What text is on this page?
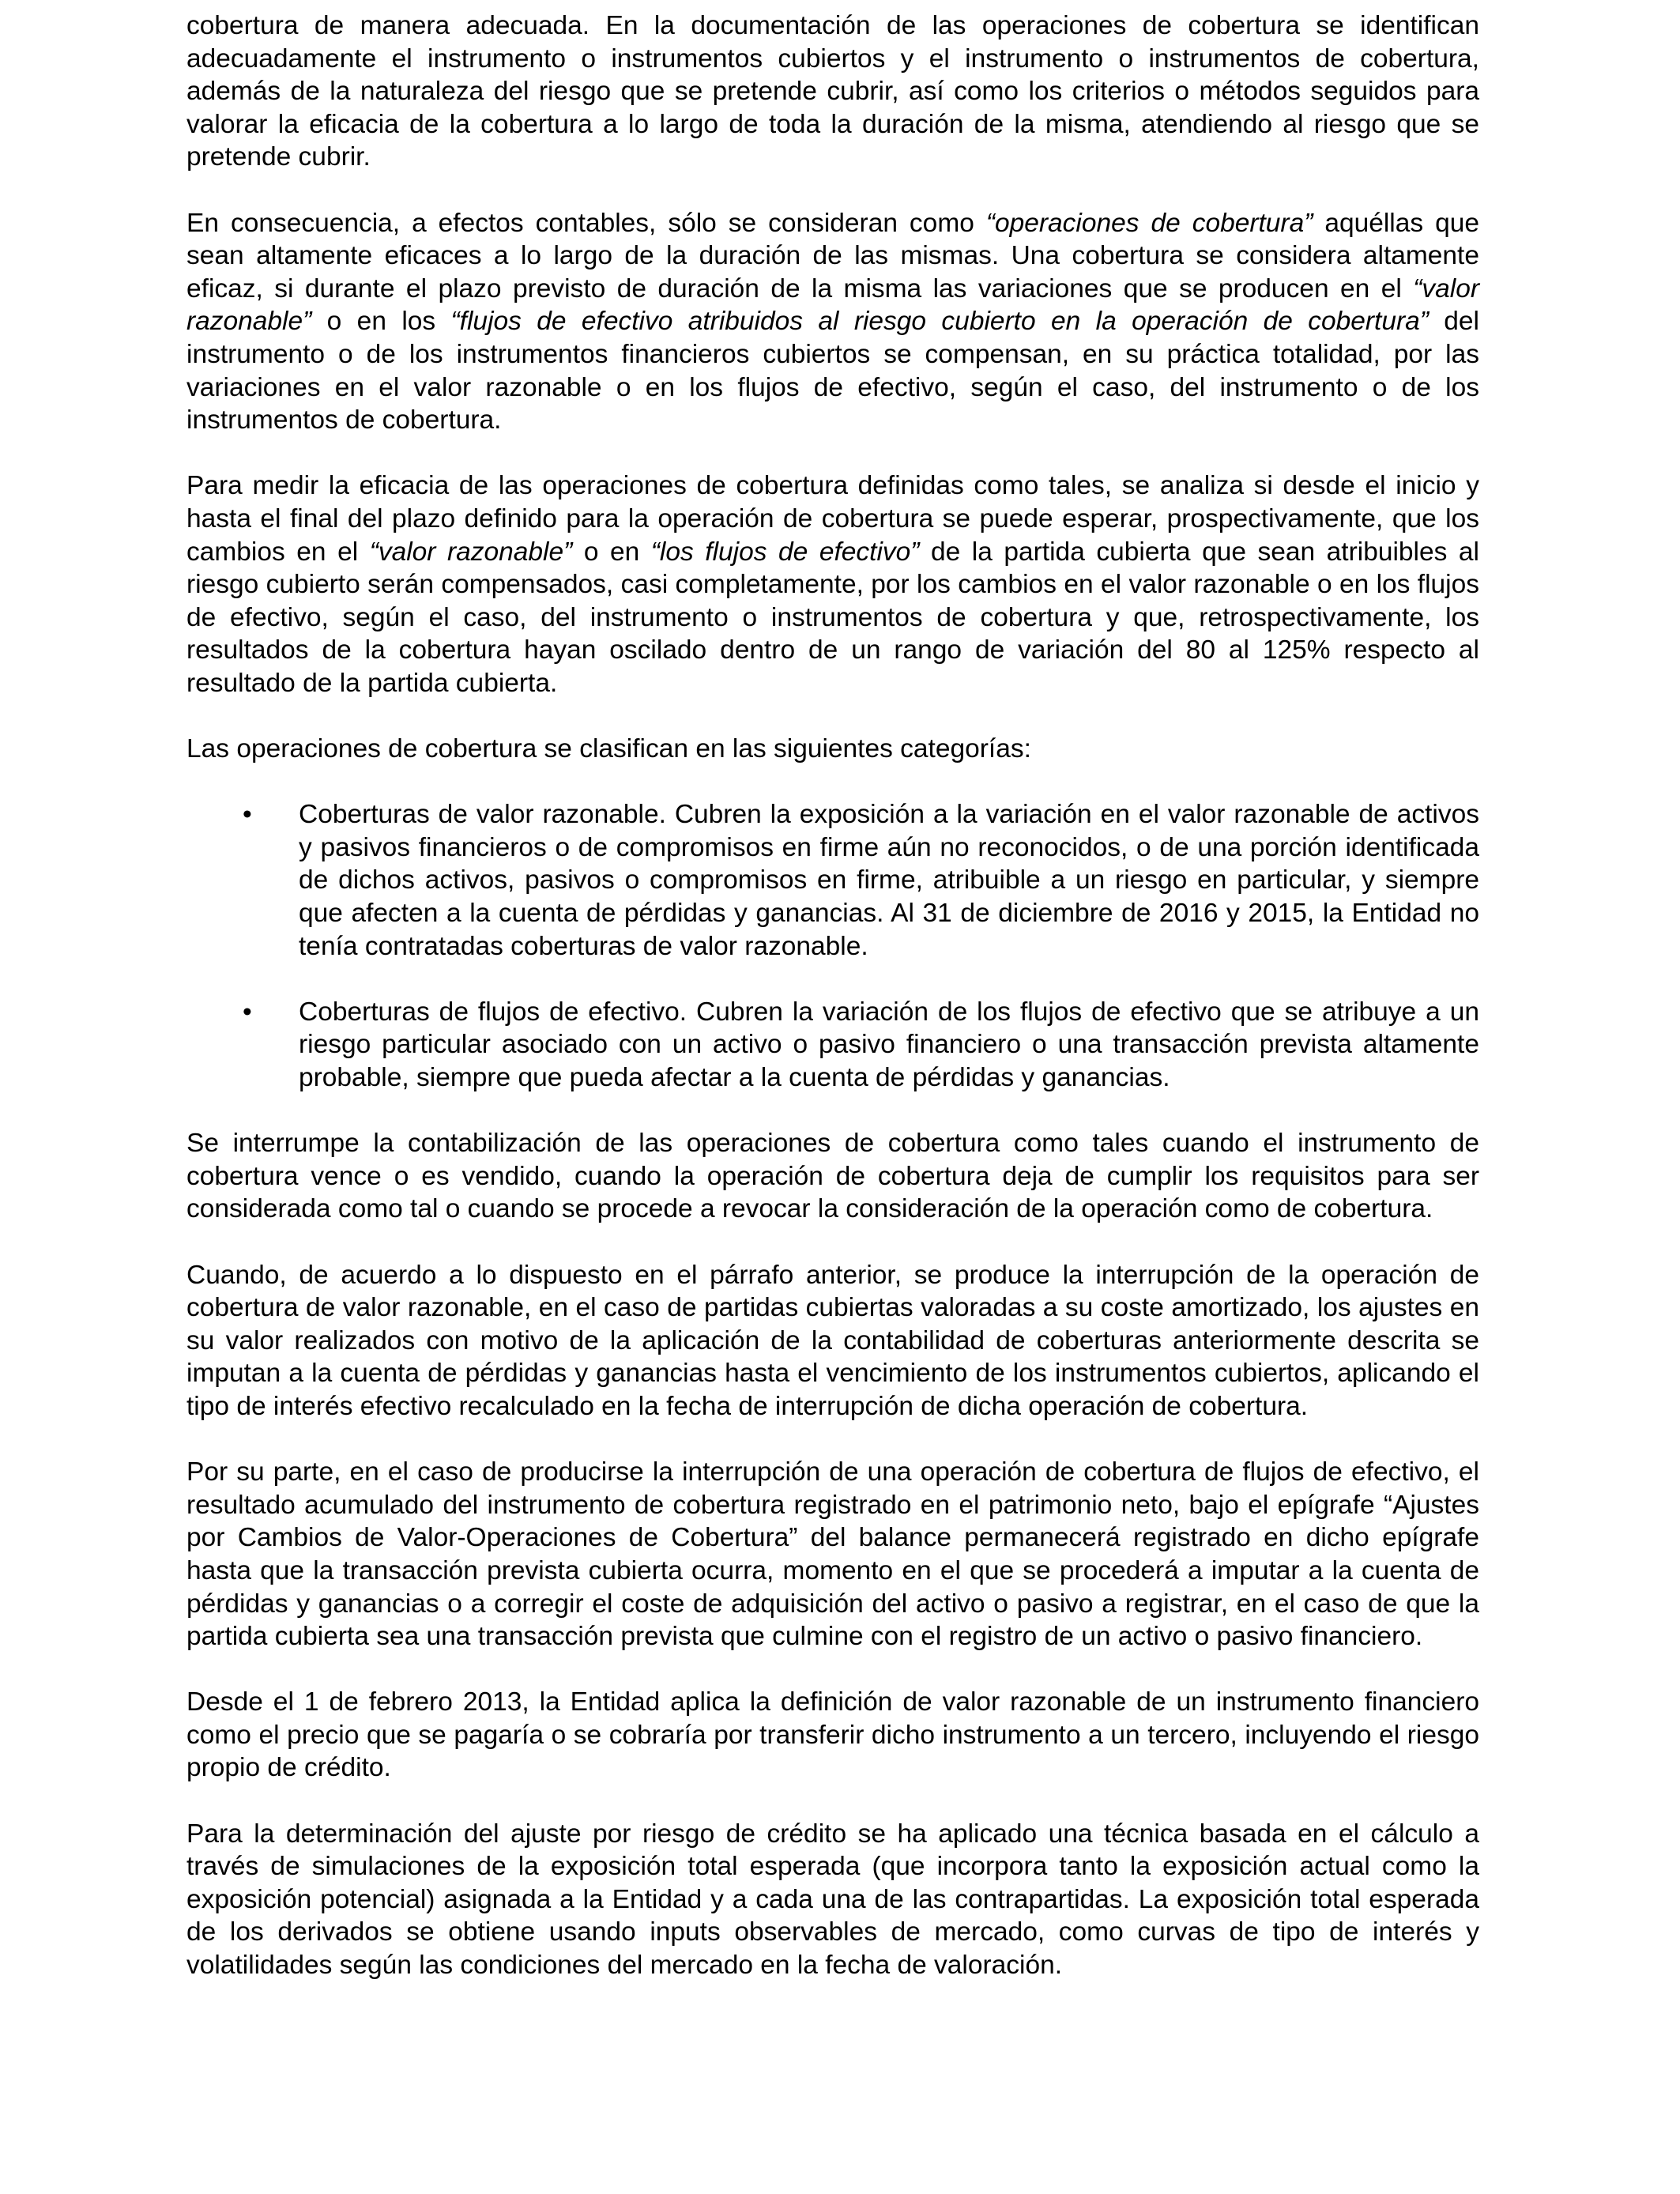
cobertura de manera adecuada. En la documentación de las operaciones de cobertura se identifican adecuadamente el instrumento o instrumentos cubiertos y el instrumento o instrumentos de cobertura, además de la naturaleza del riesgo que se pretende cubrir, así como los criterios o métodos seguidos para valorar la eficacia de la cobertura a lo largo de toda la duración de la misma, atendiendo al riesgo que se pretende cubrir.

En consecuencia, a efectos contables, sólo se consideran como “operaciones de cobertura” aquéllas que sean altamente eficaces a lo largo de la duración de las mismas. Una cobertura se considera altamente eficaz, si durante el plazo previsto de duración de la misma las variaciones que se producen en el “valor razonable” o en los “flujos de efectivo atribuidos al riesgo cubierto en la operación de cobertura” del instrumento o de los instrumentos financieros cubiertos se compensan, en su práctica totalidad, por las variaciones en el valor razonable o en los flujos de efectivo, según el caso, del instrumento o de los instrumentos de cobertura.

Para medir la eficacia de las operaciones de cobertura definidas como tales, se analiza si desde el inicio y hasta el final del plazo definido para la operación de cobertura se puede esperar, prospectivamente, que los cambios en el “valor razonable” o en “los flujos de efectivo” de la partida cubierta que sean atribuibles al riesgo cubierto serán compensados, casi completamente, por los cambios en el valor razonable o en los flujos de efectivo, según el caso, del instrumento o instrumentos de cobertura y que, retrospectivamente, los resultados de la cobertura hayan oscilado dentro de un rango de variación del 80 al 125% respecto al resultado de la partida cubierta.

Las operaciones de cobertura se clasifican en las siguientes categorías:

• Coberturas de valor razonable. Cubren la exposición a la variación en el valor razonable de activos y pasivos financieros o de compromisos en firme aún no reconocidos, o de una porción identificada de dichos activos, pasivos o compromisos en firme, atribuible a un riesgo en particular, y siempre que afecten a la cuenta de pérdidas y ganancias. Al 31 de diciembre de 2016 y 2015, la Entidad no tenía contratadas coberturas de valor razonable.
• Coberturas de flujos de efectivo. Cubren la variación de los flujos de efectivo que se atribuye a un riesgo particular asociado con un activo o pasivo financiero o una transacción prevista altamente probable, siempre que pueda afectar a la cuenta de pérdidas y ganancias.

Se interrumpe la contabilización de las operaciones de cobertura como tales cuando el instrumento de cobertura vence o es vendido, cuando la operación de cobertura deja de cumplir los requisitos para ser considerada como tal o cuando se procede a revocar la consideración de la operación como de cobertura.

Cuando, de acuerdo a lo dispuesto en el párrafo anterior, se produce la interrupción de la operación de cobertura de valor razonable, en el caso de partidas cubiertas valoradas a su coste amortizado, los ajustes en su valor realizados con motivo de la aplicación de la contabilidad de coberturas anteriormente descrita se imputan a la cuenta de pérdidas y ganancias hasta el vencimiento de los instrumentos cubiertos, aplicando el tipo de interés efectivo recalculado en la fecha de interrupción de dicha operación de cobertura.

Por su parte, en el caso de producirse la interrupción de una operación de cobertura de flujos de efectivo, el resultado acumulado del instrumento de cobertura registrado en el patrimonio neto, bajo el epígrafe “Ajustes por Cambios de Valor-Operaciones de Cobertura” del balance permanecerá registrado en dicho epígrafe hasta que la transacción prevista cubierta ocurra, momento en el que se procederá a imputar a la cuenta de pérdidas y ganancias o a corregir el coste de adquisición del activo o pasivo a registrar, en el caso de que la partida cubierta sea una transacción prevista que culmine con el registro de un activo o pasivo financiero.

Desde el 1 de febrero 2013, la Entidad aplica la definición de valor razonable de un instrumento financiero como el precio que se pagaría o se cobraría por transferir dicho instrumento a un tercero, incluyendo el riesgo propio de crédito.

Para la determinación del ajuste por riesgo de crédito se ha aplicado una técnica basada en el cálculo a través de simulaciones de la exposición total esperada (que incorpora tanto la exposición actual como la exposición potencial) asignada a la Entidad y a cada una de las contrapartidas. La exposición total esperada de los derivados se obtiene usando inputs observables de mercado, como curvas de tipo de interés y volatilidades según las condiciones del mercado en la fecha de valoración.
